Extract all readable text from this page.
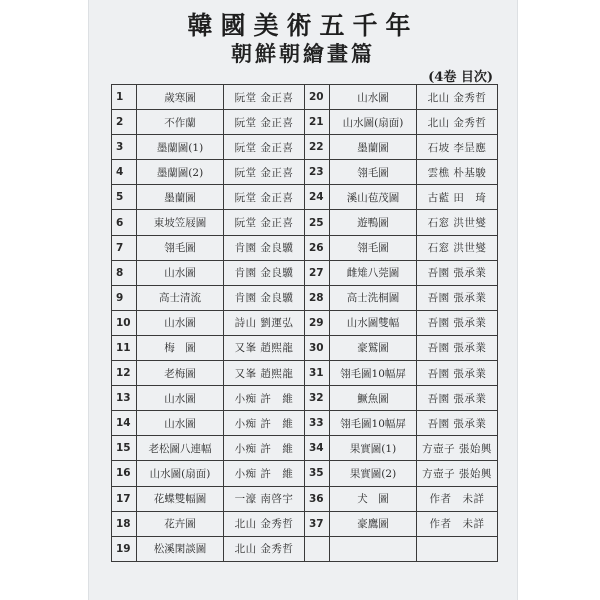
韓國美術五千年
朝鮮朝繪畫篇
(4卷 目次)
1	歲寒圖	阮堂 金正喜	20	山水圖	北山 金秀哲
2	不作蘭	阮堂 金正喜	21	山水圖(扇面)	北山 金秀哲
3	墨蘭圖(1)	阮堂 金正喜	22	墨蘭圖	石坡 李昰應
4	墨蘭圖(2)	阮堂 金正喜	23	翎毛圖	雲樵 朴基駿
5	墨蘭圖	阮堂 金正喜	24	溪山苞茂圖	古藍 田　琦
6	東坡笠屐圖	阮堂 金正喜	25	遊鴨圖	石窓 洪世燮
7	翎毛圖	肯園 金良驥	26	翎毛圖	石窓 洪世燮
8	山水圖	肯園 金良驥	27	雌雉八莞圖	吾園 張承業
9	高士清流	肯園 金良驥	28	高士洗桐圖	吾園 張承業
10	山水圖	詩山 劉運弘	29	山水圖雙幅	吾園 張承業
11	梅　圖	又峯 趙熙龍	30	豪鷲圖	吾園 張承業
12	老梅圖	又峯 趙熙龍	31	翎毛圖10幅屏	吾園 張承業
13	山水圖	小痴 許　維	32	鱖魚圖	吾園 張承業
14	山水圖	小痴 許　維	33	翎毛圖10幅屏	吾園 張承業
15	老松圖八連幅	小痴 許　維	34	果實圖(1)	方壺子 張始興
16	山水圖(扇面)	小痴 許　維	35	果實圖(2)	方壺子 張始興
17	花蝶雙幅圖	一濠 南啓宇	36	犬　圖	作者　未詳
18	花卉圖	北山 金秀哲	37	豪鷹圖	作者　未詳
19	松溪閑談圖	北山 金秀哲			
